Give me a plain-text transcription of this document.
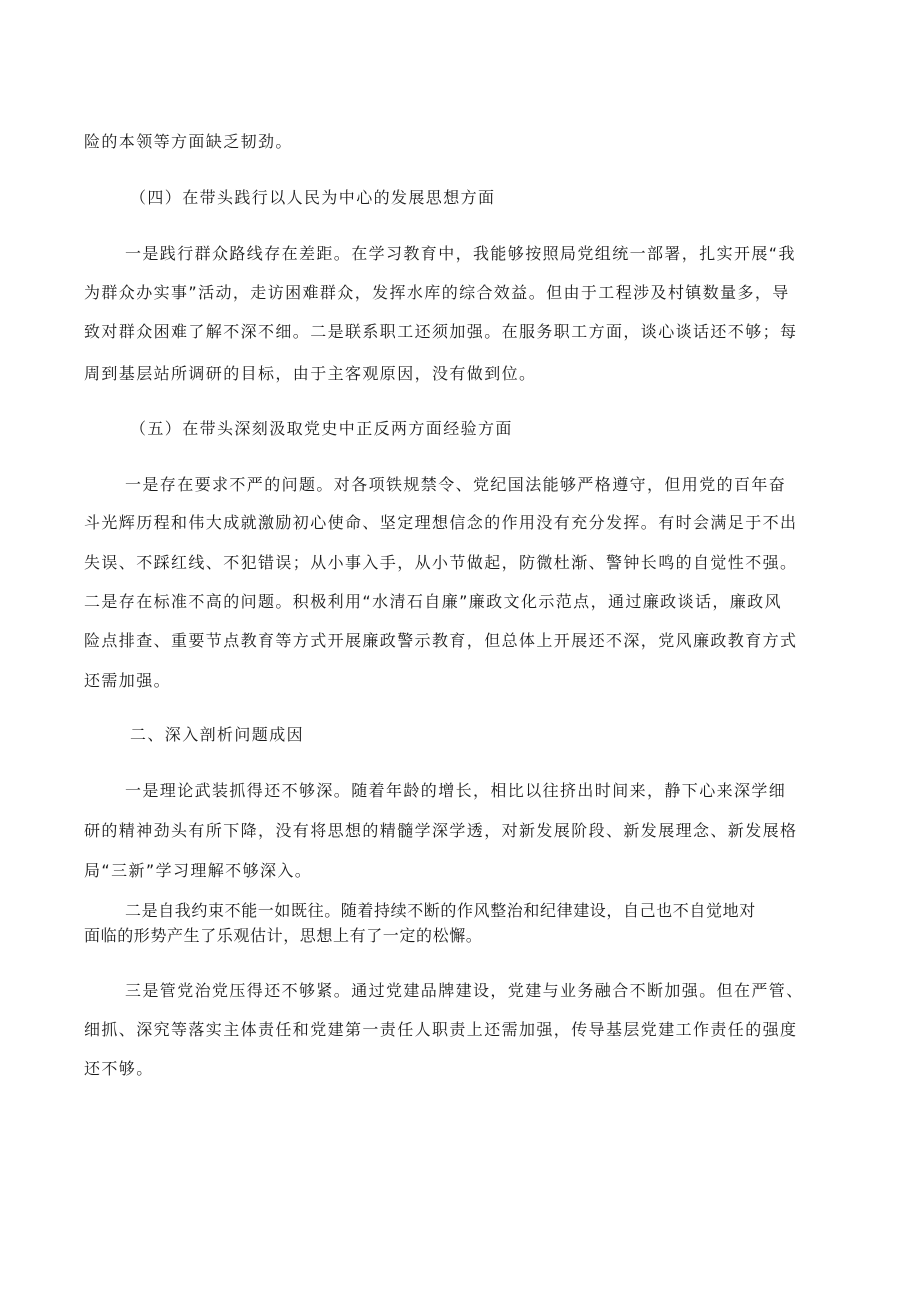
险的本领等方面缺乏韧劲。
（四）在带头践行以人民为中心的发展思想方面
一是践行群众路线存在差距。在学习教育中，我能够按照局党组统一部署，扎实开展“我
为群众办实事”活动，走访困难群众，发挥水库的综合效益。但由于工程涉及村镇数量多，导
致对群众困难了解不深不细。二是联系职工还须加强。在服务职工方面，谈心谈话还不够；每
周到基层站所调研的目标，由于主客观原因，没有做到位。
（五）在带头深刻汲取党史中正反两方面经验方面
一是存在要求不严的问题。对各项铁规禁令、党纪国法能够严格遵守，但用党的百年奋
斗光辉历程和伟大成就激励初心使命、坚定理想信念的作用没有充分发挥。有时会满足于不出
失误、不踩红线、不犯错误；从小事入手，从小节做起，防微杜渐、警钟长鸣的自觉性不强。
二是存在标准不高的问题。积极利用“水清石自廉”廉政文化示范点，通过廉政谈话，廉政风
险点排查、重要节点教育等方式开展廉政警示教育，但总体上开展还不深，党风廉政教育方式
还需加强。
二、深入剖析问题成因
一是理论武装抓得还不够深。随着年龄的增长，相比以往挤出时间来，静下心来深学细
研的精神劲头有所下降，没有将思想的精髓学深学透，对新发展阶段、新发展理念、新发展格
局“三新”学习理解不够深入。
二是自我约束不能一如既往。随着持续不断的作风整治和纪律建设，自己也不自觉地对
面临的形势产生了乐观估计，思想上有了一定的松懈。
三是管党治党压得还不够紧。通过党建品牌建设，党建与业务融合不断加强。但在严管、
细抓、深究等落实主体责任和党建第一责任人职责上还需加强，传导基层党建工作责任的强度
还不够。
